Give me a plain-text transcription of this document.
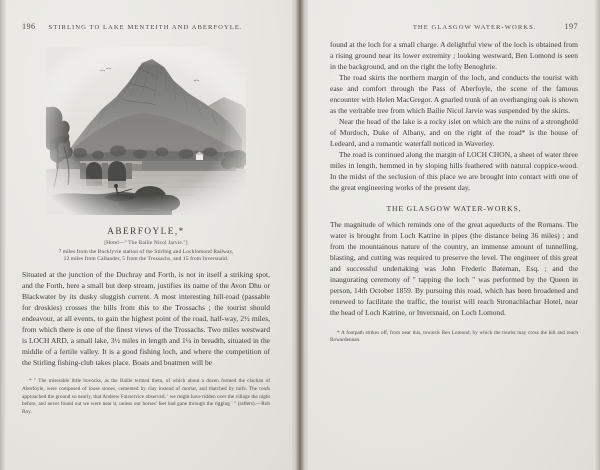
196 STIRLING TO LAKE MENTEITH AND ABERFOYLE.
ABERFOYLE,*
[Hotel—" The Bailie Nicol Jarvie."]
7 miles from the Bucklyvie station of the Stirling and Lochlomond Railway,
12 miles from Callander, 5 from the Trossachs, and 15 from Inversnaid.

Situated at the junction of the Duchray and Forth, is not in itself a striking spot, and the Forth, here a small but deep stream, justifies its name of the Avon Dhu or Blackwater by its dusky sluggish current. A most interesting hill-road (passable for droskies) crosses the hills from this to the Trossachs ; the tourist should endeavour, at all events, to gain the highest point of the road, half-way, 2½ miles, from which there is one of the finest views of the Trossachs. Two miles westward is LOCH ARD, a small lake, 3½ miles in length and 1¼ in breadth, situated in the middle of a fertile valley. It is a good fishing loch, and where the competition of the Stirling fishing-club takes place. Boats and boatmen will be

* " The miserable little bovocks, as the Bailie termed them, of which about a dozen formed the clachan of Aberfoyle, were composed of loose stones, cemented by clay instead of mortar, and thatched by turfs. The roofs approached the ground so nearly, that Andrew Fairservice observed, ' we might have ridden over the village the night before, and never found out we were near it, unless our horses' feet had gane through the rigging ' " (rafters).—Rob Roy.

THE GLASGOW WATER-WORKS.	197

found at the loch for a small charge. A delightful view of the loch is obtained from a rising ground near its lower extremity ; looking westward, Ben Lomond is seen in the background, and on the right the lofty Benoghrie.

The road skirts the northern margin of the loch, and conducts the tourist with ease and comfort through the Pass of Aberfoyle, the scene of the famous encounter with Helen MacGregor. A gnarled trunk of an overhanging oak is shown as the veritable tree from which Bailie Nicol Jarvie was suspended by the skirts.

Near the head of the lake is a rocky islet on which are the ruins of a stronghold of Murdoch, Duke of Albany, and on the right of the road* is the house of Ledeard, and a romantic waterfall noticed in Waverley.

The road is continued along the margin of LOCH CHON, a sheet of water three miles in length, hemmed in by sloping hills feathered with natural coppice-wood. In the midst of the seclusion of this place we are brought into contact with one of the great engineering works of the present day,

THE GLASGOW WATER-WORKS,

The magnitude of which reminds one of the great aqueducts of the Romans. The water is brought from Loch Katrine in pipes (the distance being 36 miles) ; and from the mountainous nature of the country, an immense amount of tunnelling, blasting, and cutting was required to preserve the level. The engineer of this great and successful undertaking was John Frederic Bateman, Esq. ; and the inaugurating ceremony of " tapping the loch " was performed by the Queen in person, 14th October 1859. By pursuing this road, which has been broadened and renewed to facilitate the traffic, the tourist will reach Stronachlachar Hotel, near the head of Loch Katrine, or Inversnaid, on Loch Lomond.

* A footpath strikes off, from near this, towards Ben Lomond, by which the tourist may cross the hill and reach Rowardennan.
